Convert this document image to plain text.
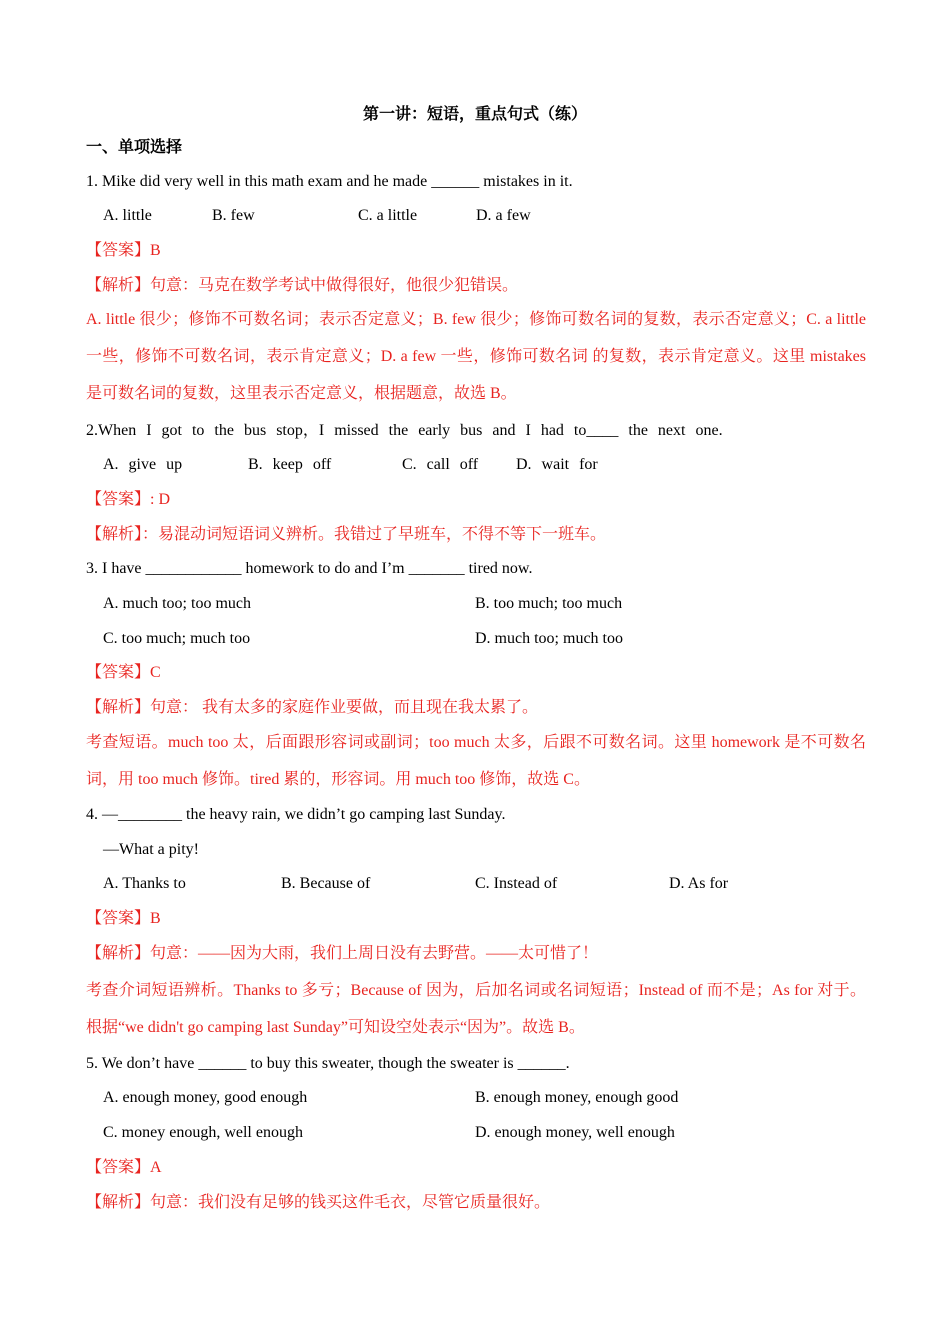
第一讲：短语，重点句式（练）
一、单项选择
1. Mike did very well in this math exam and he made ______ mistakes in it.
A. little	B. few	C. a little	D. a few
【答案】B
【解析】句意：马克在数学考试中做得很好，他很少犯错误。
A. little 很少；修饰不可数名词；表示否定意义；B. few 很少；修饰可数名词的复数，表示否定意义；C. a little 一些，修饰不可数名词，表示肯定意义；D. a few 一些，修饰可数名词 的复数，表示肯定意义。这里 mistakes 是可数名词的复数，这里表示否定意义，根据题意，故选 B。
2.When I got to the bus stop，I missed the early bus and I had to____ the next one.
A. give up	B. keep off	C. call off D. wait for
【答案】: D
【解析】：易混动词短语词义辨析。我错过了早班车，不得不等下一班车。
3. I have ____________ homework to do and I’m _______ tired now.
A. much too; too much	B. too much; too much
C. too much; much too	D. much too; much too
【答案】C
【解析】句意： 我有太多的家庭作业要做，而且现在我太累了。
考查短语。much too 太，后面跟形容词或副词；too much 太多，后跟不可数名词。这里 homework 是不可数名词，用 too much 修饰。tired 累的，形容词。用 much too 修饰，故选 C。
4. —________ the heavy rain, we didn’t go camping last Sunday.
—What a pity!
A. Thanks to	B. Because of	C. Instead of	D. As for
【答案】B
【解析】句意：——因为大雨，我们上周日没有去野营。——太可惜了！
考查介词短语辨析。Thanks to 多亏；Because of 因为，后加名词或名词短语；Instead of 而不是；As for 对于。根据“we didn't go camping last Sunday”可知设空处表示“因为”。故选 B。
5. We don’t have ______ to buy this sweater, though the sweater is ______.
A. enough money, good enough	B. enough money, enough good
C. money enough, well enough	D. enough money, well enough
【答案】A
【解析】句意：我们没有足够的钱买这件毛衣，尽管它质量很好。
